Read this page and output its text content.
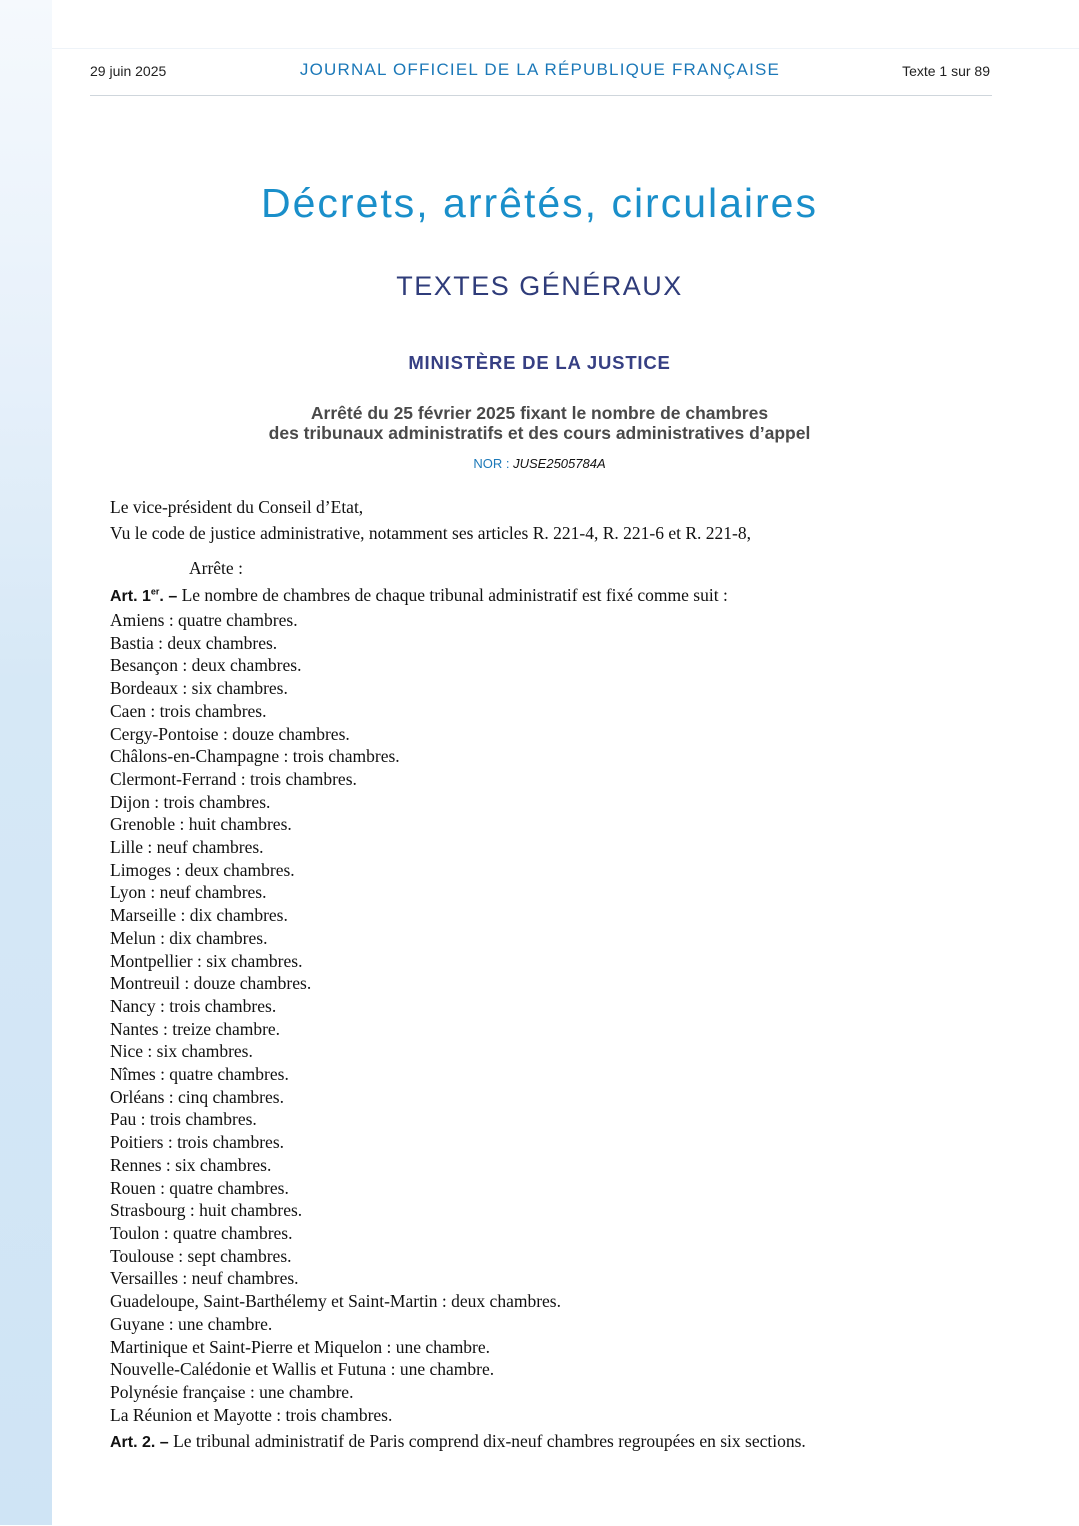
29 juin 2025	JOURNAL OFFICIEL DE LA RÉPUBLIQUE FRANÇAISE	Texte 1 sur 89
Décrets, arrêtés, circulaires
TEXTES GÉNÉRAUX
MINISTÈRE DE LA JUSTICE
Arrêté du 25 février 2025 fixant le nombre de chambres
des tribunaux administratifs et des cours administratives d’appel
NOR : JUSE2505784A
Le vice-président du Conseil d’Etat,
Vu le code de justice administrative, notamment ses articles R. 221-4, R. 221-6 et R. 221-8,
Arrête :
Art. 1er. – Le nombre de chambres de chaque tribunal administratif est fixé comme suit :
Amiens : quatre chambres.
Bastia : deux chambres.
Besançon : deux chambres.
Bordeaux : six chambres.
Caen : trois chambres.
Cergy-Pontoise : douze chambres.
Châlons-en-Champagne : trois chambres.
Clermont-Ferrand : trois chambres.
Dijon : trois chambres.
Grenoble : huit chambres.
Lille : neuf chambres.
Limoges : deux chambres.
Lyon : neuf chambres.
Marseille : dix chambres.
Melun : dix chambres.
Montpellier : six chambres.
Montreuil : douze chambres.
Nancy : trois chambres.
Nantes : treize chambre.
Nice : six chambres.
Nîmes : quatre chambres.
Orléans : cinq chambres.
Pau : trois chambres.
Poitiers : trois chambres.
Rennes : six chambres.
Rouen : quatre chambres.
Strasbourg : huit chambres.
Toulon : quatre chambres.
Toulouse : sept chambres.
Versailles : neuf chambres.
Guadeloupe, Saint-Barthélemy et Saint-Martin : deux chambres.
Guyane : une chambre.
Martinique et Saint-Pierre et Miquelon : une chambre.
Nouvelle-Calédonie et Wallis et Futuna : une chambre.
Polynésie française : une chambre.
La Réunion et Mayotte : trois chambres.
Art. 2. – Le tribunal administratif de Paris comprend dix-neuf chambres regroupées en six sections.
